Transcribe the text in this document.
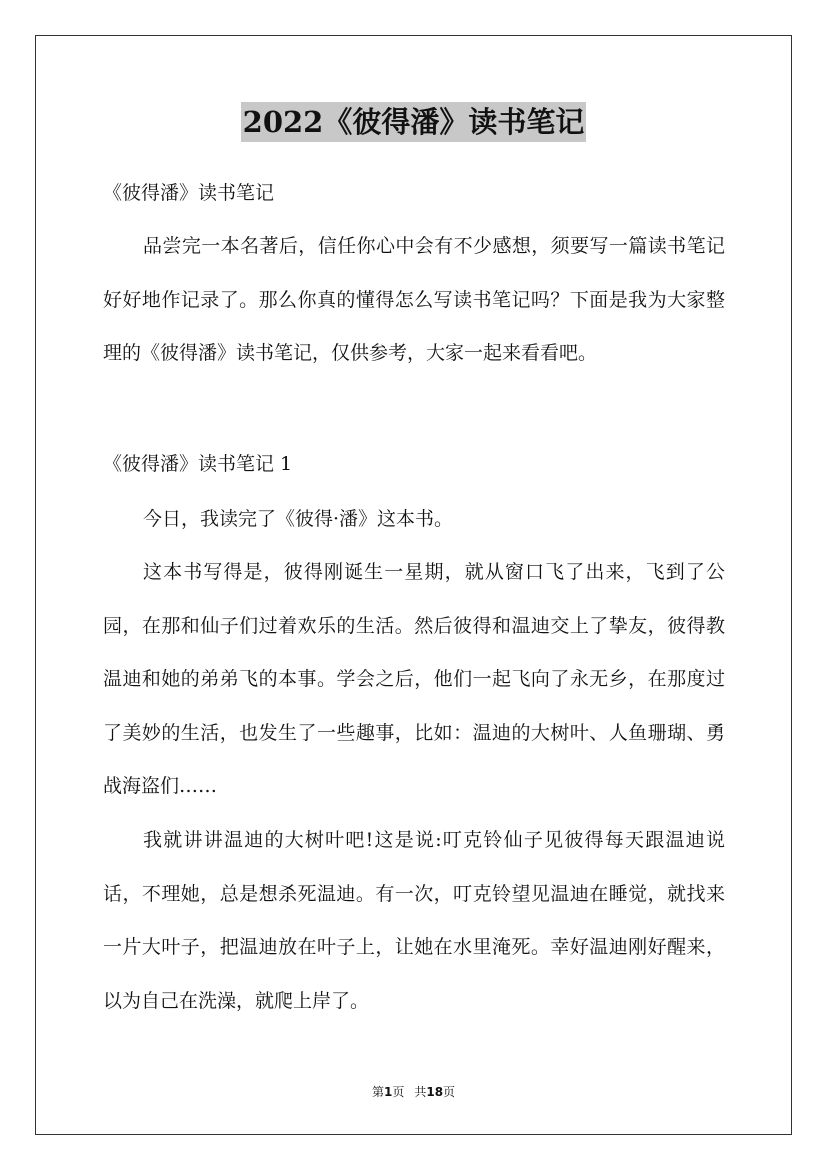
2022《彼得潘》读书笔记
《彼得潘》读书笔记

品尝完一本名著后，信任你心中会有不少感想，须要写一篇读书笔记好好地作记录了。那么你真的懂得怎么写读书笔记吗？下面是我为大家整理的《彼得潘》读书笔记，仅供参考，大家一起来看看吧。

《彼得潘》读书笔记 1

今日，我读完了《彼得·潘》这本书。

这本书写得是，彼得刚诞生一星期，就从窗口飞了出来，飞到了公园，在那和仙子们过着欢乐的生活。然后彼得和温迪交上了挚友，彼得教温迪和她的弟弟飞的本事。学会之后，他们一起飞向了永无乡，在那度过了美妙的生活，也发生了一些趣事，比如：温迪的大树叶、人鱼珊瑚、勇战海盗们……

我就讲讲温迪的大树叶吧!这是说:叮克铃仙子见彼得每天跟温迪说话，不理她，总是想杀死温迪。有一次，叮克铃望见温迪在睡觉，就找来一片大叶子，把温迪放在叶子上，让她在水里淹死。幸好温迪刚好醒来，以为自己在洗澡，就爬上岸了。

第1页 共18页
